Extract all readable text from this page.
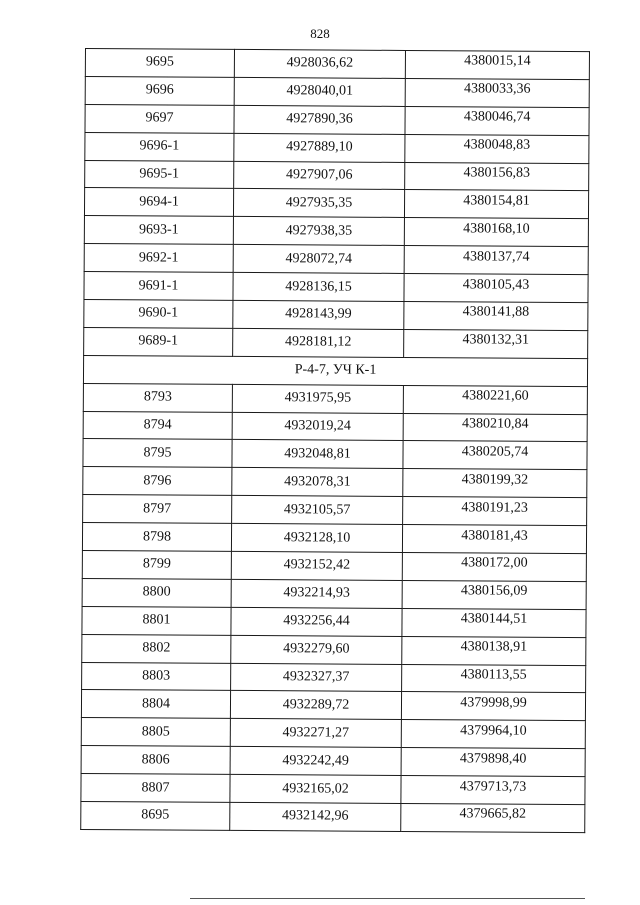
828
9695	4928036,62	4380015,14
9696	4928040,01	4380033,36
9697	4927890,36	4380046,74
9696-1	4927889,10	4380048,83
9695-1	4927907,06	4380156,83
9694-1	4927935,35	4380154,81
9693-1	4927938,35	4380168,10
9692-1	4928072,74	4380137,74
9691-1	4928136,15	4380105,43
9690-1	4928143,99	4380141,88
9689-1	4928181,12	4380132,31
Р-4-7, УЧ К-1		
8793	4931975,95	4380221,60
8794	4932019,24	4380210,84
8795	4932048,81	4380205,74
8796	4932078,31	4380199,32
8797	4932105,57	4380191,23
8798	4932128,10	4380181,43
8799	4932152,42	4380172,00
8800	4932214,93	4380156,09
8801	4932256,44	4380144,51
8802	4932279,60	4380138,91
8803	4932327,37	4380113,55
8804	4932289,72	4379998,99
8805	4932271,27	4379964,10
8806	4932242,49	4379898,40
8807	4932165,02	4379713,73
8695	4932142,96	4379665,82
